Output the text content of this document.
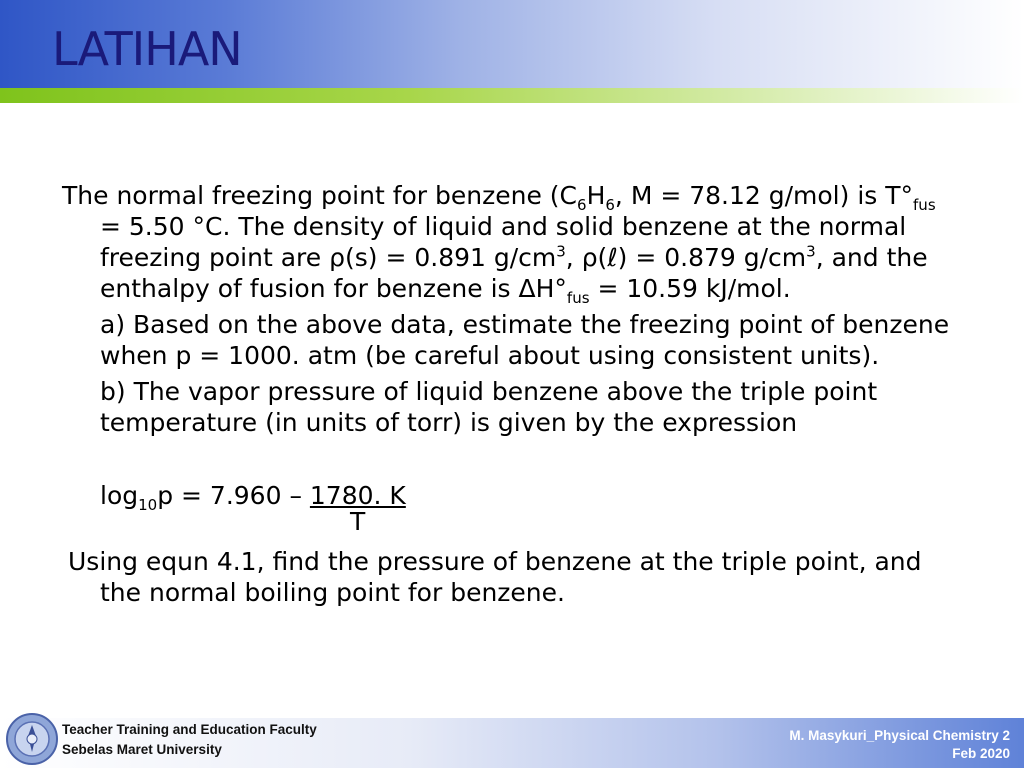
LATIHAN

The normal freezing point for benzene ($C_6H_6$, M = 78.12 g/mol) is $T^\circ_{fus} = 5.50$ °C. The density of liquid and solid benzene at the normal freezing point are ρ(s) = 0.891 $g/cm^3$, ρ(ℓ) = 0.879 $g/cm^3$, and the enthalpy of fusion for benzene is $\Delta H^\circ_{fus} = 10.59$ kJ/mol.

a) Based on the above data, estimate the freezing point of benzene when p = 1000. atm (be careful about using consistent units).

b) The vapor pressure of liquid benzene above the triple point temperature (in units of torr) is given by the expression

$\log_{10}p = 7.960 - 1780$. K
T

Using equn 4.1, find the pressure of benzene at the triple point, and the normal boiling point for benzene.

Teacher Training and Education Faculty
Sebelas Maret University
M. Masykuri_Physical Chemistry 2
Feb 2020
